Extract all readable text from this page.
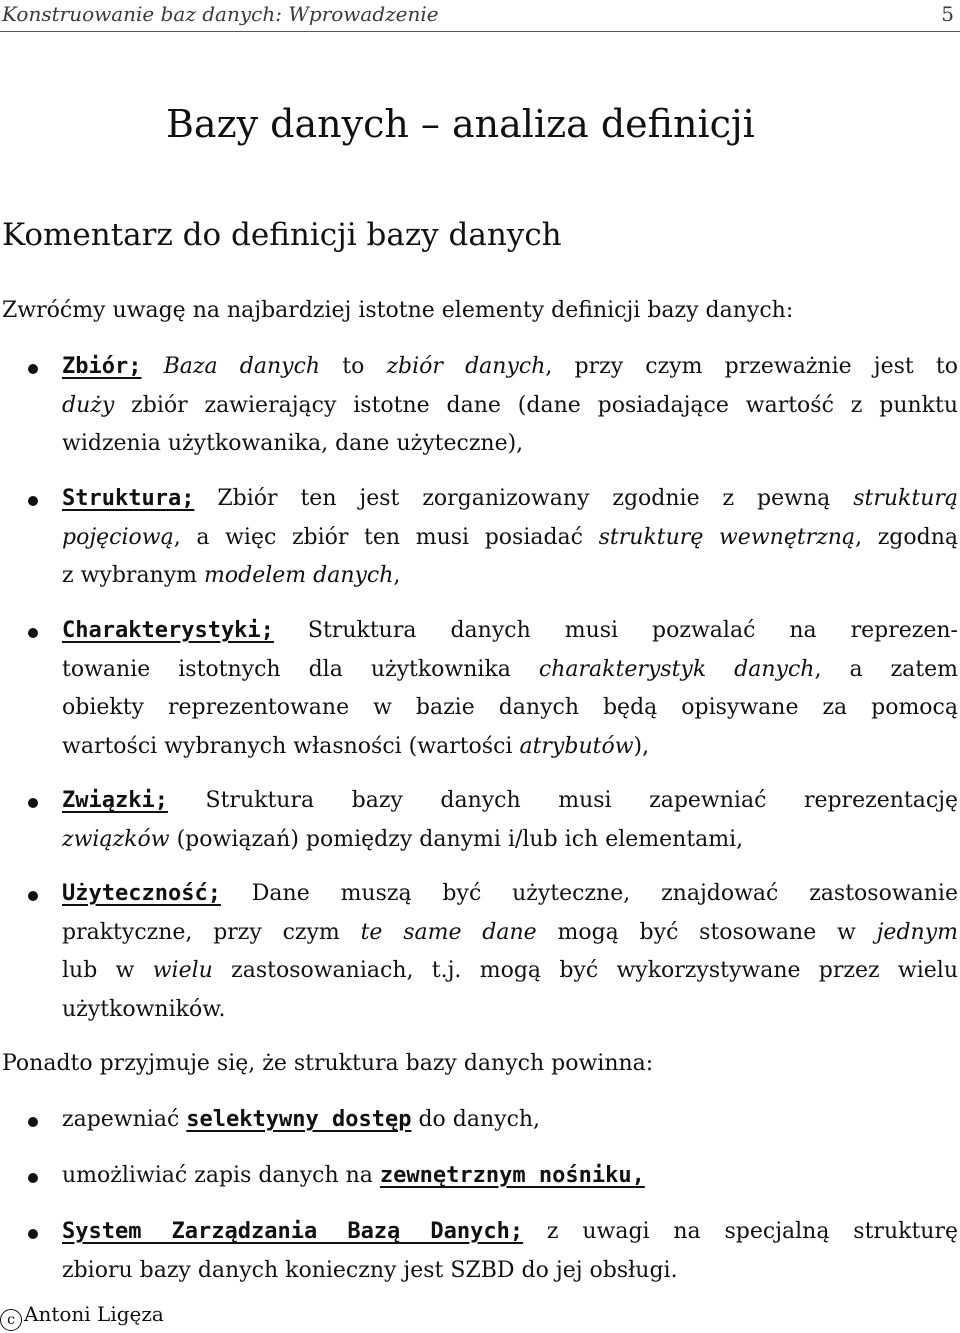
Konstruowanie baz danych: Wprowadzenie	5
Bazy danych – analiza definicji
Komentarz do definicji bazy danych
Zwróćmy uwagę na najbardziej istotne elementy definicji bazy danych:
Zbiór; Baza danych to zbiór danych, przy czym przeważnie jest to
duży zbiór zawierający istotne dane (dane posiadające wartość z punktu
widzenia użytkowanika, dane użyteczne),
Struktura; Zbiór ten jest zorganizowany zgodnie z pewną strukturą
pojęciową, a więc zbiór ten musi posiadać strukturę wewnętrzną, zgodną
z wybranym modelem danych,
Charakterystyki; Struktura danych musi pozwalać na reprezen-
towanie istotnych dla użytkownika charakterystyk danych, a zatem
obiekty reprezentowane w bazie danych będą opisywane za pomocą
wartości wybranych własności (wartości atrybutów),
Związki; Struktura bazy danych musi zapewniać reprezentację
związków (powiązań) pomiędzy danymi i/lub ich elementami,
Użyteczność; Dane muszą być użyteczne, znajdować zastosowanie
praktyczne, przy czym te same dane mogą być stosowane w jednym
lub w wielu zastosowaniach, t.j. mogą być wykorzystywane przez wielu
użytkowników.
Ponadto przyjmuje się, że struktura bazy danych powinna:
zapewniać selektywny dostęp do danych,
umożliwiać zapis danych na zewnętrznym nośniku,
System Zarządzania Bazą Danych; z uwagi na specjalną strukturę
zbioru bazy danych konieczny jest SZBD do jej obsługi.
c Antoni Ligęza
